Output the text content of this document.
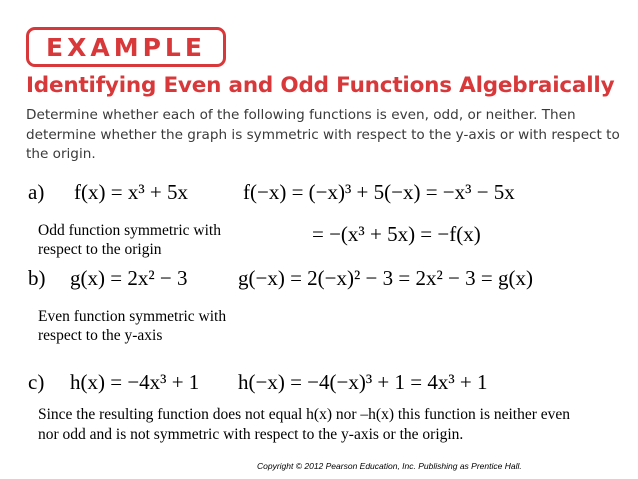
EXAMPLE
Identifying Even and Odd Functions Algebraically
Determine whether each of the following functions is even, odd, or neither. Then determine whether the graph is symmetric with respect to the y-axis or with respect to the origin.
a) f(x) = x³ + 5x	f(−x) = (−x)³ + 5(−x) = −x³ − 5x
= −(x³ + 5x) = −f(x)
Odd function symmetric with respect to the origin
b) g(x) = 2x² − 3 g(−x) = 2(−x)² − 3 = 2x² − 3 = g(x)
Even function symmetric with respect to the y-axis
c) h(x) = −4x³ + 1 h(−x) = −4(−x)³ + 1 = 4x³ + 1
Since the resulting function does not equal h(x) nor –h(x) this function is neither even nor odd and is not symmetric with respect to the y-axis or the origin.
Copyright © 2012 Pearson Education, Inc. Publishing as Prentice Hall.
